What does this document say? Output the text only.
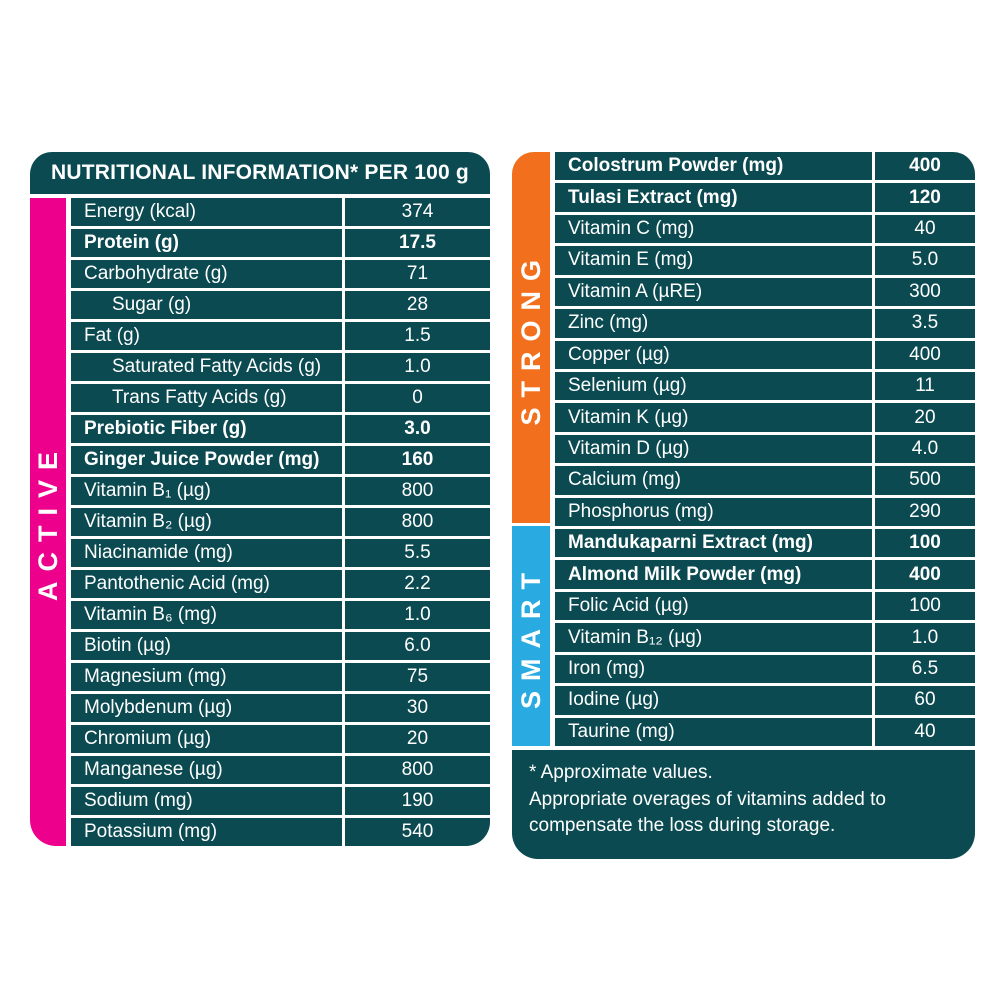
NUTRITIONAL INFORMATION* PER 100 g
ACTIVE
Energy (kcal)	374
Protein (g)	17.5
Carbohydrate (g)	71
Sugar (g)	28
Fat (g)	1.5
Saturated Fatty Acids (g)	1.0
Trans Fatty Acids (g)	0
Prebiotic Fiber (g)	3.0
Ginger Juice Powder (mg)	160
Vitamin B₁ (µg)	800
Vitamin B₂ (µg)	800
Niacinamide (mg)	5.5
Pantothenic Acid (mg)	2.2
Vitamin B₆ (mg)	1.0
Biotin (µg)	6.0
Magnesium (mg)	75
Molybdenum (µg)	30
Chromium (µg)	20
Manganese (µg)	800
Sodium (mg)	190
Potassium (mg)	540
STRONG
SMART
Colostrum Powder (mg)	400
Tulasi Extract (mg)	120
Vitamin C (mg)	40
Vitamin E (mg)	5.0
Vitamin A (µRE)	300
Zinc (mg)	3.5
Copper (µg)	400
Selenium (µg)	11
Vitamin K (µg)	20
Vitamin D (µg)	4.0
Calcium (mg)	500
Phosphorus (mg)	290
Mandukaparni Extract (mg)	100
Almond Milk Powder (mg)	400
Folic Acid (µg)	100
Vitamin B₁₂ (µg)	1.0
Iron (mg)	6.5
Iodine (µg)	60
Taurine (mg)	40
* Approximate values.
Appropriate overages of vitamins added to
compensate the loss during storage.
